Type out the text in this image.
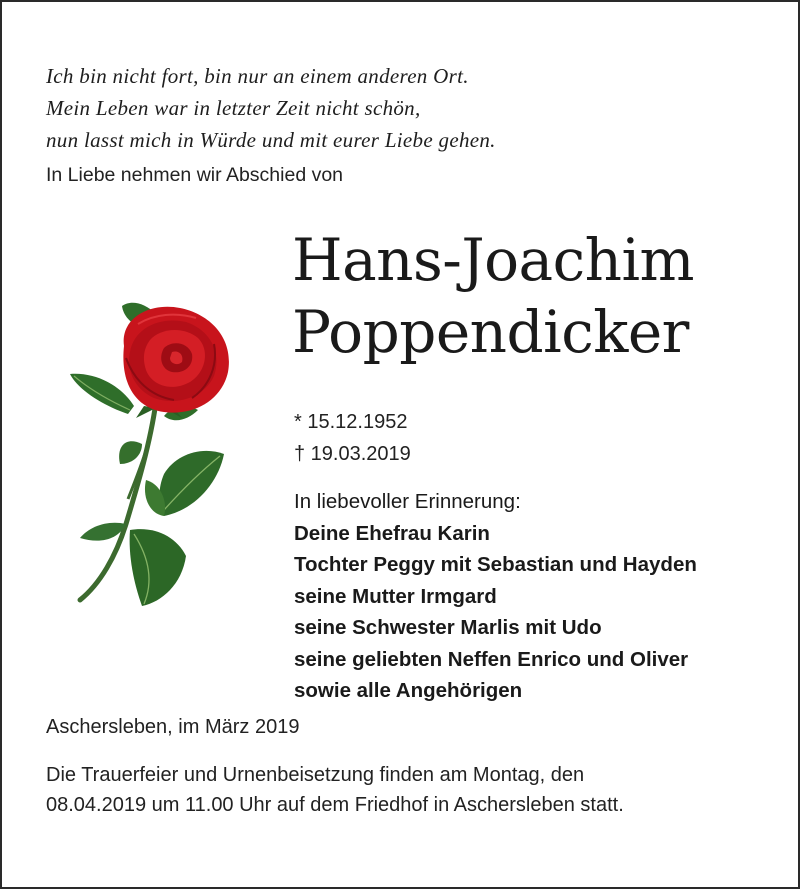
Ich bin nicht fort, bin nur an einem anderen Ort.
Mein Leben war in letzter Zeit nicht schön,
nun lasst mich in Würde und mit eurer Liebe gehen.
In Liebe nehmen wir Abschied von
Hans-Joachim
Poppendicker
* 15.12.1952
† 19.03.2019
In liebevoller Erinnerung:
Deine Ehefrau Karin
Tochter Peggy mit Sebastian und Hayden
seine Mutter Irmgard
seine Schwester Marlis mit Udo
seine geliebten Neffen Enrico und Oliver
sowie alle Angehörigen
Aschersleben, im März 2019
Die Trauerfeier und Urnenbeisetzung finden am Montag, den
08.04.2019 um 11.00 Uhr auf dem Friedhof in Aschersleben statt.
